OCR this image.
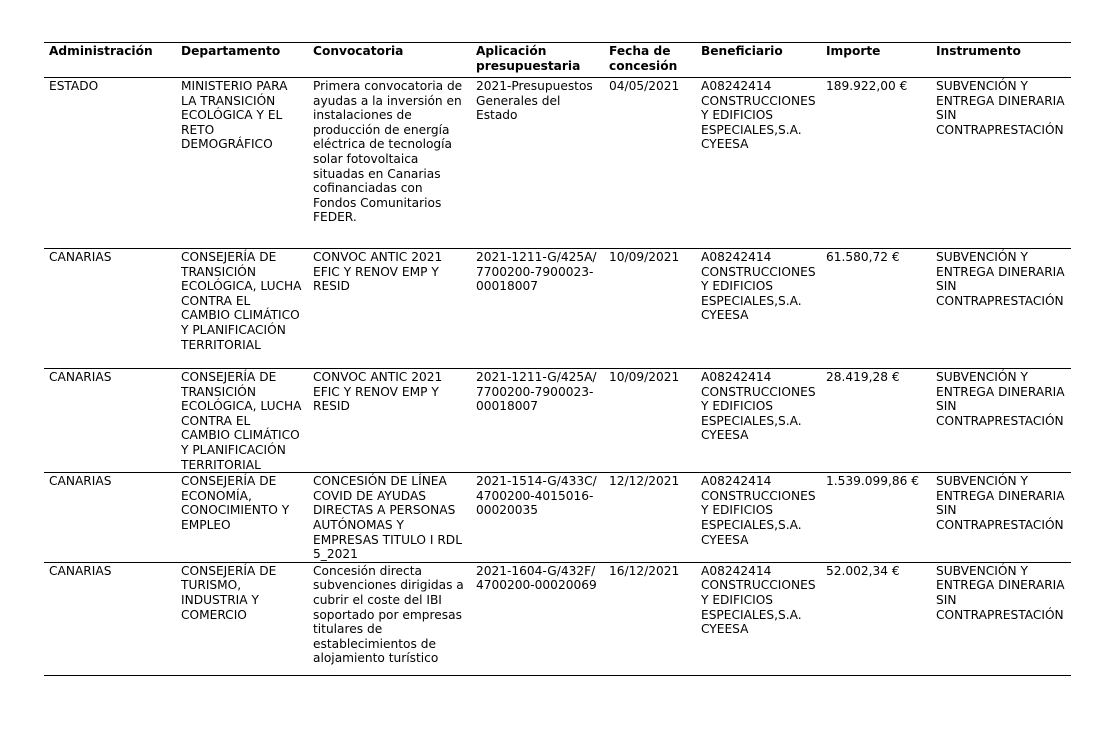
Administración	Departamento	Convocatoria	Aplicación presupuestaria	Fecha de concesión	Beneficiario	Importe	Instrumento
ESTADO	MINISTERIO PARA LA TRANSICIÓN ECOLÓGICA Y EL RETO DEMOGRÁFICO	Primera convocatoria de ayudas a la inversión en instalaciones de producción de energía eléctrica de tecnología solar fotovoltaica situadas en Canarias cofinanciadas con Fondos Comunitarios FEDER.	2021-Presupuestos Generales del Estado	04/05/2021	A08242414 CONSTRUCCIONES Y EDIFICIOS ESPECIALES,S.A. CYEESA	189.922,00 €	SUBVENCIÓN Y ENTREGA DINERARIA SIN CONTRAPRESTACIÓN
CANARIAS	CONSEJERÍA DE TRANSICIÓN ECOLÓGICA, LUCHA CONTRA EL CAMBIO CLIMÁTICO Y PLANIFICACIÓN TERRITORIAL	CONVOC ANTIC 2021 EFIC Y RENOV EMP Y RESID	2021-1211-G/425A/7700200-7900023-00018007	10/09/2021	A08242414 CONSTRUCCIONES Y EDIFICIOS ESPECIALES,S.A. CYEESA	61.580,72 €	SUBVENCIÓN Y ENTREGA DINERARIA SIN CONTRAPRESTACIÓN
CANARIAS	CONSEJERÍA DE TRANSICIÓN ECOLÓGICA, LUCHA CONTRA EL CAMBIO CLIMÁTICO Y PLANIFICACIÓN TERRITORIAL	CONVOC ANTIC 2021 EFIC Y RENOV EMP Y RESID	2021-1211-G/425A/7700200-7900023-00018007	10/09/2021	A08242414 CONSTRUCCIONES Y EDIFICIOS ESPECIALES,S.A. CYEESA	28.419,28 €	SUBVENCIÓN Y ENTREGA DINERARIA SIN CONTRAPRESTACIÓN
CANARIAS	CONSEJERÍA DE ECONOMÍA, CONOCIMIENTO Y EMPLEO	CONCESIÓN DE LÍNEA COVID DE AYUDAS DIRECTAS A PERSONAS AUTÓNOMAS Y EMPRESAS TITULO I RDL 5_2021	2021-1514-G/433C/4700200-4015016-00020035	12/12/2021	A08242414 CONSTRUCCIONES Y EDIFICIOS ESPECIALES,S.A. CYEESA	1.539.099,86 €	SUBVENCIÓN Y ENTREGA DINERARIA SIN CONTRAPRESTACIÓN
CANARIAS	CONSEJERÍA DE TURISMO, INDUSTRIA Y COMERCIO	Concesión directa subvenciones dirigidas a cubrir el coste del IBI soportado por empresas titulares de establecimientos de alojamiento turístico	2021-1604-G/432F/4700200-00020069	16/12/2021	A08242414 CONSTRUCCIONES Y EDIFICIOS ESPECIALES,S.A. CYEESA	52.002,34 €	SUBVENCIÓN Y ENTREGA DINERARIA SIN CONTRAPRESTACIÓN
